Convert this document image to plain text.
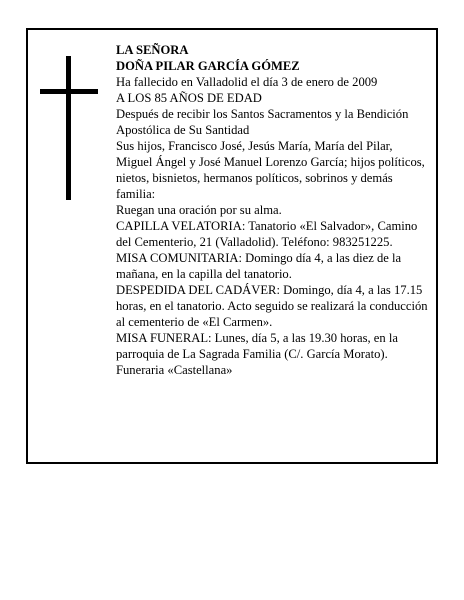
LA SEÑORA

DOÑA PILAR GARCÍA GÓMEZ

Ha fallecido en Valladolid el día 3 de enero de 2009

A LOS 85 AÑOS DE EDAD

Después de recibir los Santos Sacramentos y la Bendición Apostólica de Su Santidad

Sus hijos, Francisco José, Jesús María, María del Pilar, Miguel Ángel y José Manuel Lorenzo García; hijos políticos, nietos, bisnietos, hermanos políticos, sobrinos y demás familia:

Ruegan una oración por su alma.

CAPILLA VELATORIA: Tanatorio «El Salvador», Camino del Cementerio, 21 (Valladolid). Teléfono: 983251225.

MISA COMUNITARIA: Domingo día 4, a las diez de la mañana, en la capilla del tanatorio.

DESPEDIDA DEL CADÁVER: Domingo, día 4, a las 17.15 horas, en el tanatorio. Acto seguido se realizará la conducción al cementerio de «El Carmen».

MISA FUNERAL: Lunes, día 5, a las 19.30 horas, en la parroquia de La Sagrada Familia (C/. García Morato).

Funeraria «Castellana»
